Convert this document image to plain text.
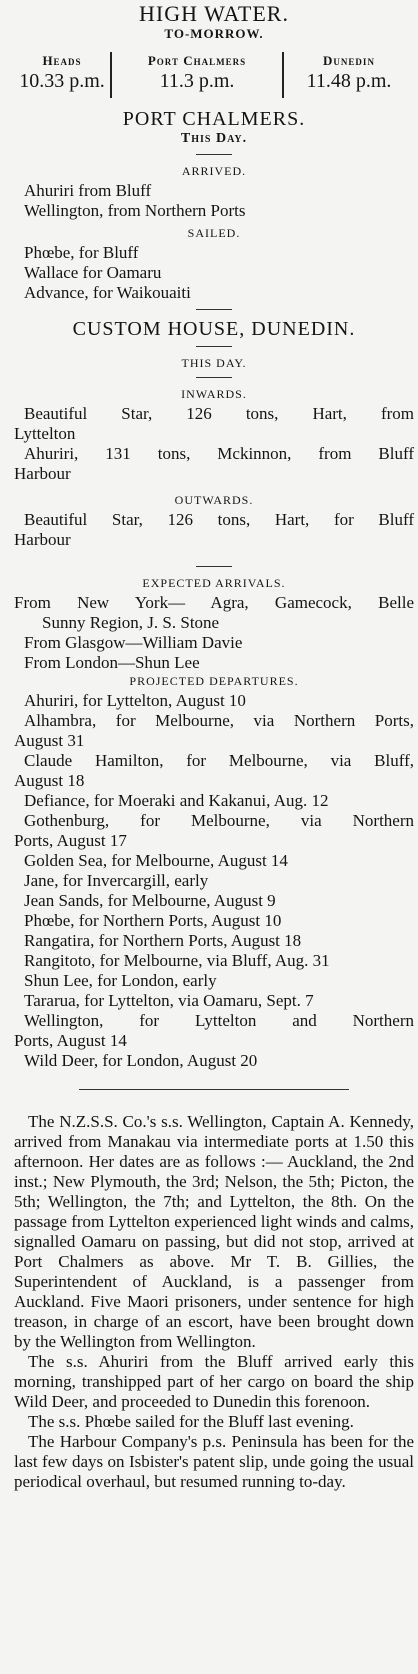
HIGH WATER.
TO-MORROW.
Heads
10.33 p.m.
Port Chalmers
11.3 p.m.
Dunedin
11.48 p.m.
PORT CHALMERS.
This Day.
ARRIVED.
Ahuriri from Bluff
Wellington, from Northern Ports
SAILED.
Phœbe, for Bluff
Wallace for Oamaru
Advance, for Waikouaiti
CUSTOM HOUSE, DUNEDIN.
THIS DAY.
INWARDS.
Beautiful Star, 126 tons, Hart, from
Lyttelton
Ahuriri, 131 tons, Mckinnon, from Bluff
Harbour
OUTWARDS.
Beautiful Star, 126 tons, Hart, for Bluff
Harbour
EXPECTED ARRIVALS.
From New York— Agra, Gamecock, Belle
Sunny Region, J. S. Stone
From Glasgow—William Davie
From London—Shun Lee
PROJECTED DEPARTURES.
Ahuriri, for Lyttelton, August 10
Alhambra, for Melbourne, via Northern Ports,
August 31
Claude Hamilton, for Melbourne, via Bluff,
August 18
Defiance, for Moeraki and Kakanui, Aug. 12
Gothenburg, for Melbourne, via Northern
Ports, August 17
Golden Sea, for Melbourne, August 14
Jane, for Invercargill, early
Jean Sands, for Melbourne, August 9
Phœbe, for Northern Ports, August 10
Rangatira, for Northern Ports, August 18
Rangitoto, for Melbourne, via Bluff, Aug. 31
Shun Lee, for London, early
Tararua, for Lyttelton, via Oamaru, Sept. 7
Wellington, for Lyttelton and Northern
Ports, August 14
Wild Deer, for London, August 20

The N.Z.S.S. Co.'s s.s. Wellington, Captain A. Kennedy, arrived from Manakau via intermediate ports at 1.50 this afternoon. Her dates are as follows :— Auckland, the 2nd inst.; New Plymouth, the 3rd; Nelson, the 5th; Picton, the 5th; Wellington, the 7th; and Lyttelton, the 8th. On the passage from Lyttelton experienced light winds and calms, signalled Oamaru on passing, but did not stop, arrived at Port Chalmers as above. Mr T. B. Gillies, the Superintendent of Auckland, is a passenger from Auckland. Five Maori prisoners, under sentence for high treason, in charge of an escort, have been brought down by the Wellington from Wellington.

The s.s. Ahuriri from the Bluff arrived early this morning, transhipped part of her cargo on board the ship Wild Deer, and proceeded to Dunedin this forenoon.

The s.s. Phœbe sailed for the Bluff last evening.

The Harbour Company's p.s. Peninsula has been for the last few days on Isbister's patent slip, unde going the usual periodical overhaul, but resumed running to-day.
